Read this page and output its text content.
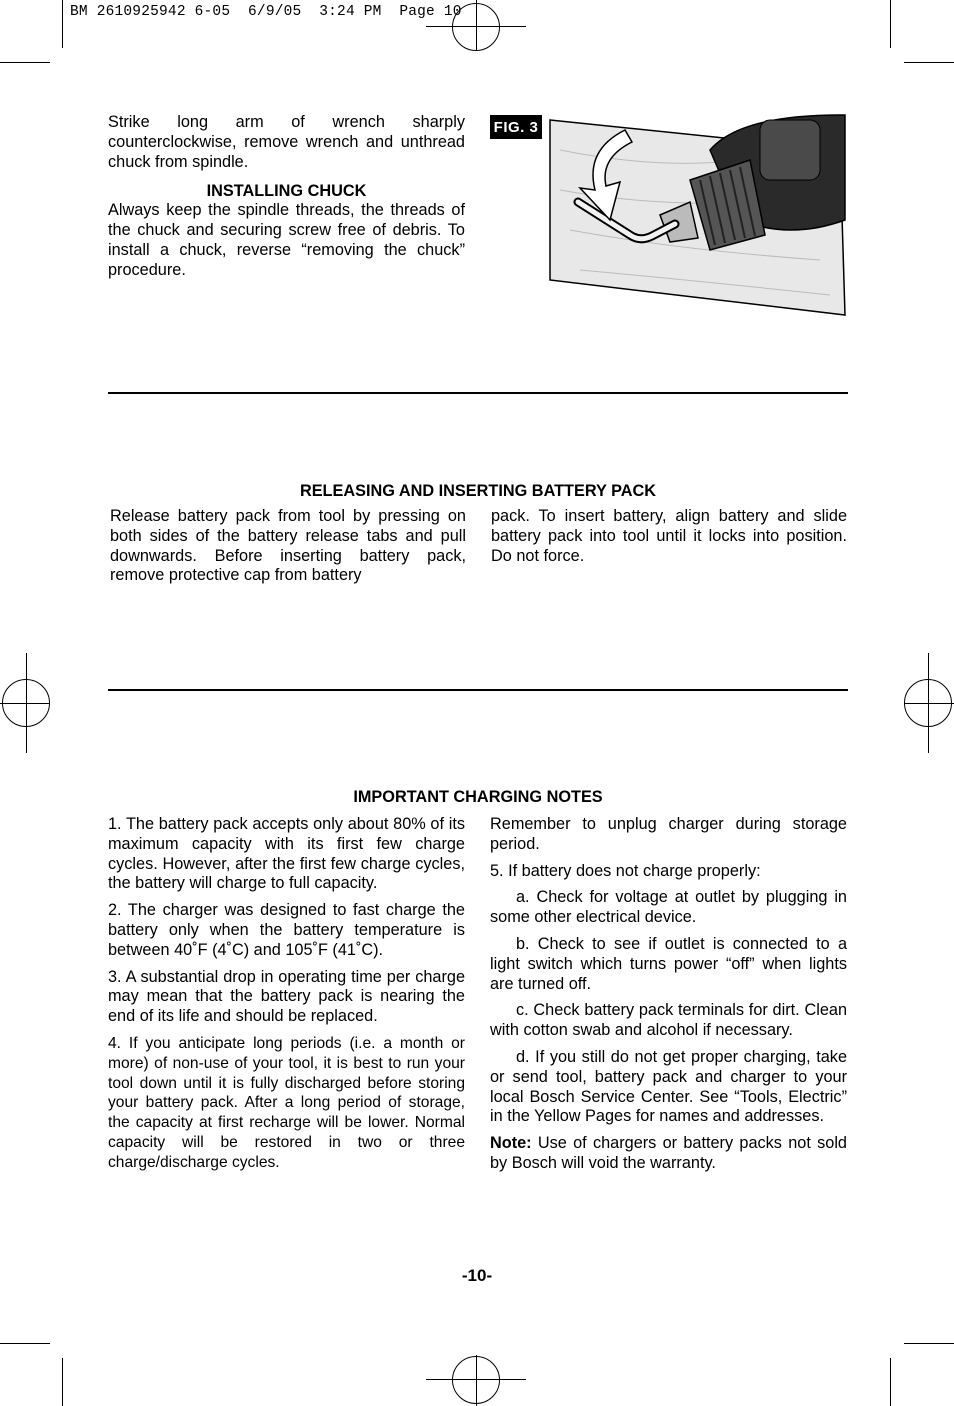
BM 2610925942 6-05  6/9/05  3:24 PM  Page 10

Strike long arm of wrench sharply counterclockwise, remove wrench and unthread chuck from spindle.

INSTALLING CHUCK

Always keep the spindle threads, the threads of the chuck and securing screw free of debris. To install a chuck, reverse “removing the chuck” procedure.

FIG. 3

RELEASING AND INSERTING BATTERY PACK

Release battery pack from tool by pressing on both sides of the battery release tabs and pull downwards. Before inserting battery pack, remove protective cap from battery

pack. To insert battery, align battery and slide battery pack into tool until it locks into position. Do not force.

IMPORTANT CHARGING NOTES

1. The battery pack accepts only about 80% of its maximum capacity with its first few charge cycles. However, after the first few charge cycles, the battery will charge to full capacity.

2. The charger was designed to fast charge the battery only when the battery temperature is between 40˚F (4˚C) and 105˚F (41˚C).

3. A substantial drop in operating time per charge may mean that the battery pack is nearing the end of its life and should be replaced.

4. If you anticipate long periods (i.e. a month or more) of non-use of your tool, it is best to run your tool down until it is fully discharged before storing your battery pack. After a long period of storage, the capacity at first recharge will be lower. Normal capacity will be restored in two or three charge/discharge cycles.

Remember to unplug charger during storage period.

5. If battery does not charge properly:

a. Check for voltage at outlet by plugging in some other electrical device.

b. Check to see if outlet is connected to a light switch which turns power “off” when lights are turned off.

c. Check battery pack terminals for dirt. Clean with cotton swab and alcohol if necessary.

d. If you still do not get proper charging, take or send tool, battery pack and charger to your local Bosch Service Center. See “Tools, Electric” in the Yellow Pages for names and addresses.

Note: Use of chargers or battery packs not sold by Bosch will void the warranty.

-10-
